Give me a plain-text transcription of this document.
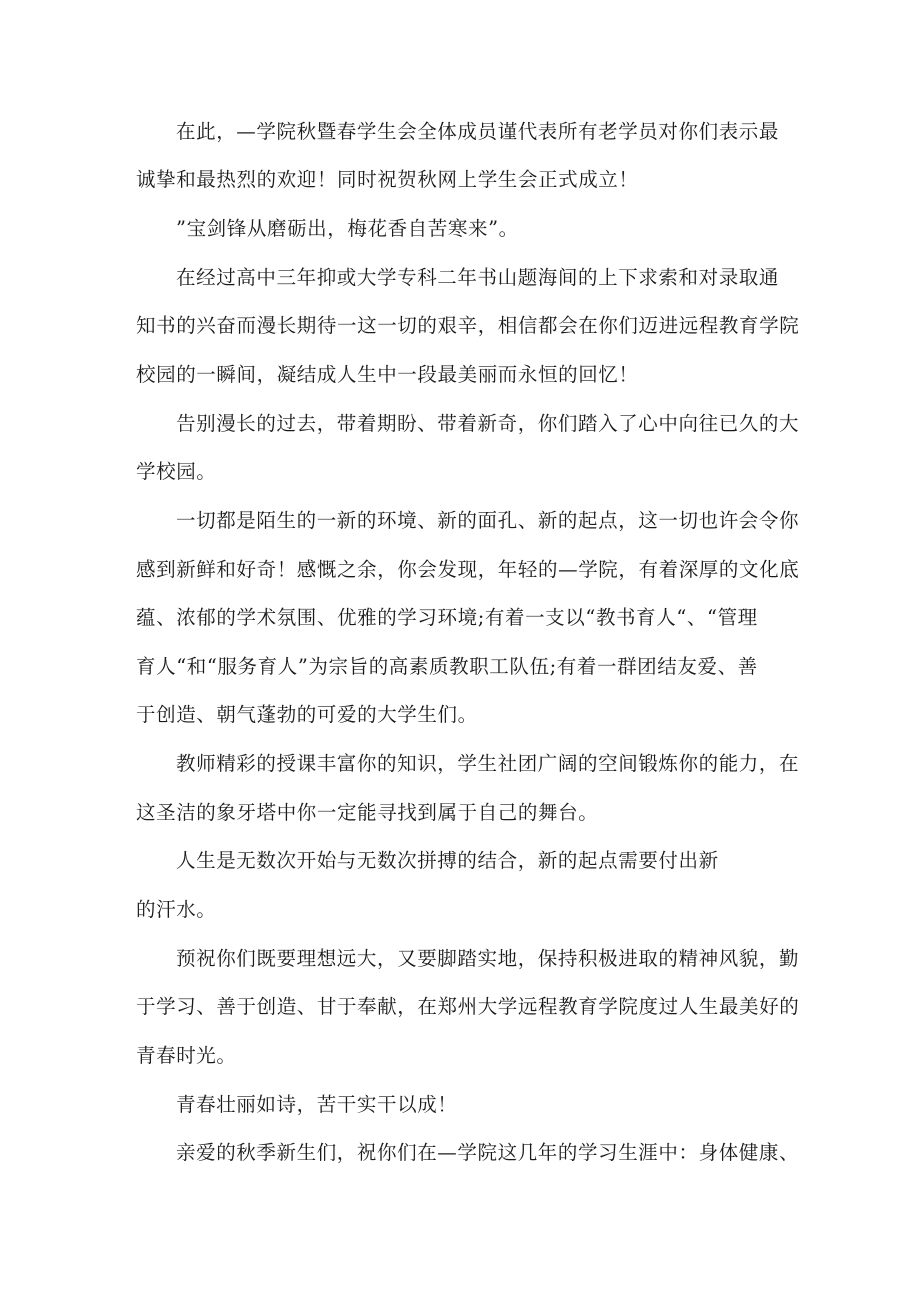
在此，—学院秋暨春学生会全体成员谨代表所有老学员对你们表示最
诚挚和最热烈的欢迎！同时祝贺秋网上学生会正式成立！
”宝剑锋从磨砺出，梅花香自苦寒来”。
在经过高中三年抑或大学专科二年书山题海间的上下求索和对录取通
知书的兴奋而漫长期待一这一切的艰辛，相信都会在你们迈进远程教育学院
校园的一瞬间，凝结成人生中一段最美丽而永恒的回忆！
告别漫长的过去，带着期盼、带着新奇，你们踏入了心中向往已久的大
学校园。
一切都是陌生的一新的环境、新的面孔、新的起点，这一切也许会令你
感到新鲜和好奇！感慨之余，你会发现，年轻的—学院，有着深厚的文化底
蕴、浓郁的学术氛围、优雅的学习环境;有着一支以“教书育人“、“管理
育人“和“服务育人”为宗旨的高素质教职工队伍;有着一群团结友爱、善
于创造、朝气蓬勃的可爱的大学生们。
教师精彩的授课丰富你的知识，学生社团广阔的空间锻炼你的能力，在
这圣洁的象牙塔中你一定能寻找到属于自己的舞台。
人生是无数次开始与无数次拼搏的结合，新的起点需要付出新
的汗水。
预祝你们既要理想远大，又要脚踏实地，保持积极进取的精神风貌，勤
于学习、善于创造、甘于奉献，在郑州大学远程教育学院度过人生最美好的
青春时光。
青春壮丽如诗，苦干实干以成！
亲爱的秋季新生们，祝你们在—学院这几年的学习生涯中：身体健康、
